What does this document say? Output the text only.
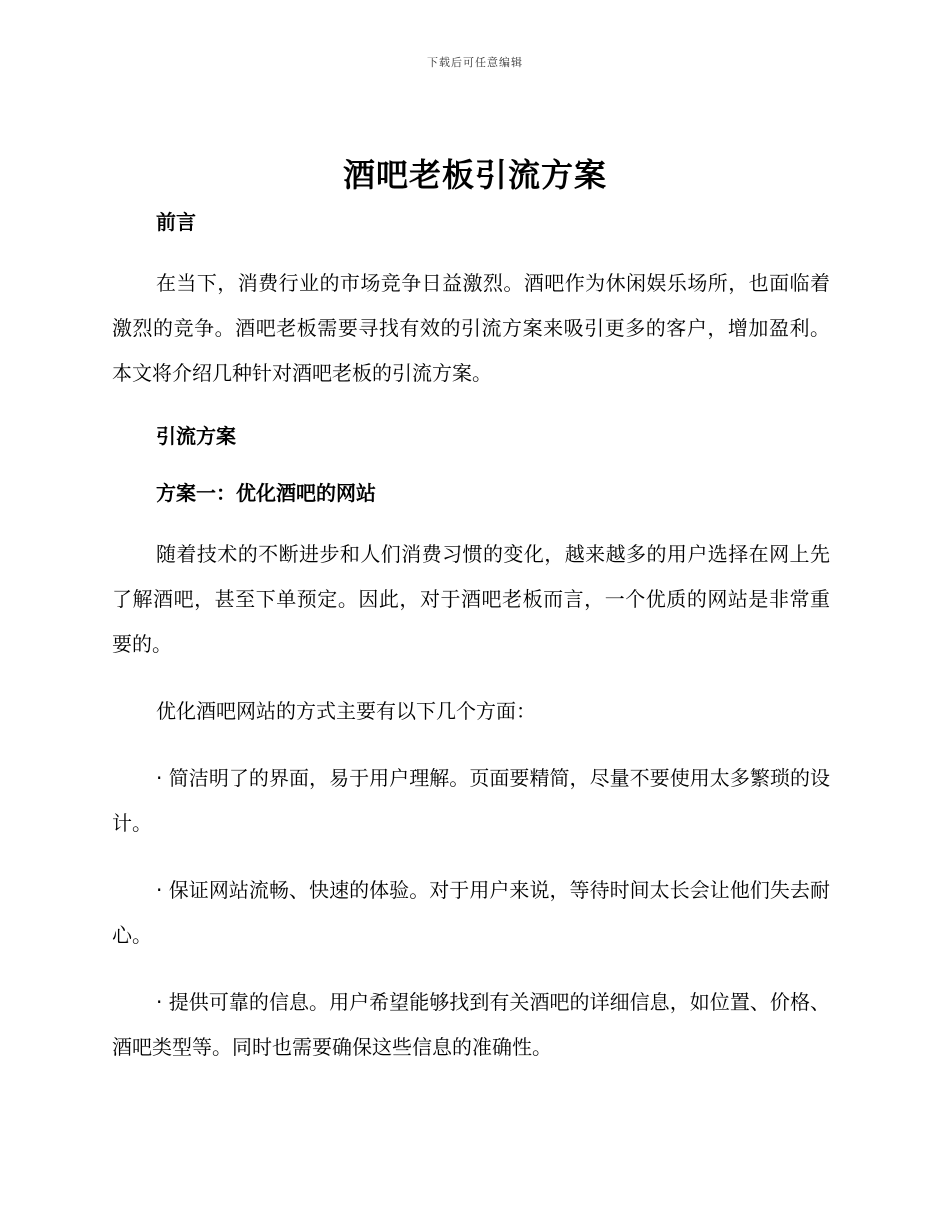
下载后可任意编辑
酒吧老板引流方案
前言

在当下，消费行业的市场竞争日益激烈。酒吧作为休闲娱乐场所，也面临着激烈的竞争。酒吧老板需要寻找有效的引流方案来吸引更多的客户，增加盈利。本文将介绍几种针对酒吧老板的引流方案。

引流方案
方案一：优化酒吧的网站

随着技术的不断进步和人们消费习惯的变化，越来越多的用户选择在网上先了解酒吧，甚至下单预定。因此，对于酒吧老板而言，一个优质的网站是非常重要的。

优化酒吧网站的方式主要有以下几个方面：

· 简洁明了的界面，易于用户理解。页面要精简，尽量不要使用太多繁琐的设计。

· 保证网站流畅、快速的体验。对于用户来说，等待时间太长会让他们失去耐心。

· 提供可靠的信息。用户希望能够找到有关酒吧的详细信息，如位置、价格、酒吧类型等。同时也需要确保这些信息的准确性。
